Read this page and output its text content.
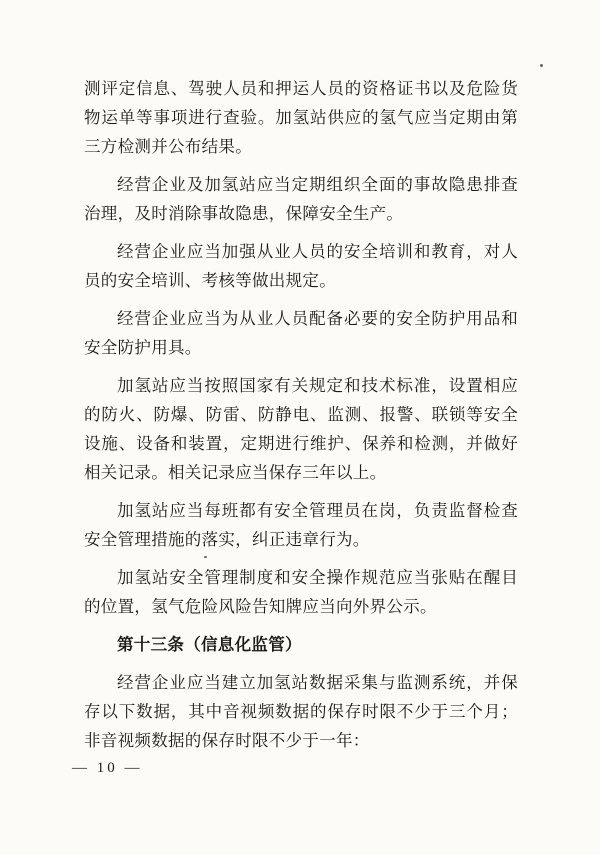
测评定信息、驾驶人员和押运人员的资格证书以及危险货物运单等事项进行查验。加氢站供应的氢气应当定期由第三方检测并公布结果。

经营企业及加氢站应当定期组织全面的事故隐患排查治理，及时消除事故隐患，保障安全生产。

经营企业应当加强从业人员的安全培训和教育，对人员的安全培训、考核等做出规定。

经营企业应当为从业人员配备必要的安全防护用品和安全防护用具。

加氢站应当按照国家有关规定和技术标准，设置相应的防火、防爆、防雷、防静电、监测、报警、联锁等安全设施、设备和装置，定期进行维护、保养和检测，并做好相关记录。相关记录应当保存三年以上。

加氢站应当每班都有安全管理员在岗，负责监督检查安全管理措施的落实，纠正违章行为。

加氢站安全管理制度和安全操作规范应当张贴在醒目的位置，氢气危险风险告知牌应当向外界公示。

第十三条（信息化监管）

经营企业应当建立加氢站数据采集与监测系统，并保存以下数据，其中音视频数据的保存时限不少于三个月；非音视频数据的保存时限不少于一年：

— 10 —
